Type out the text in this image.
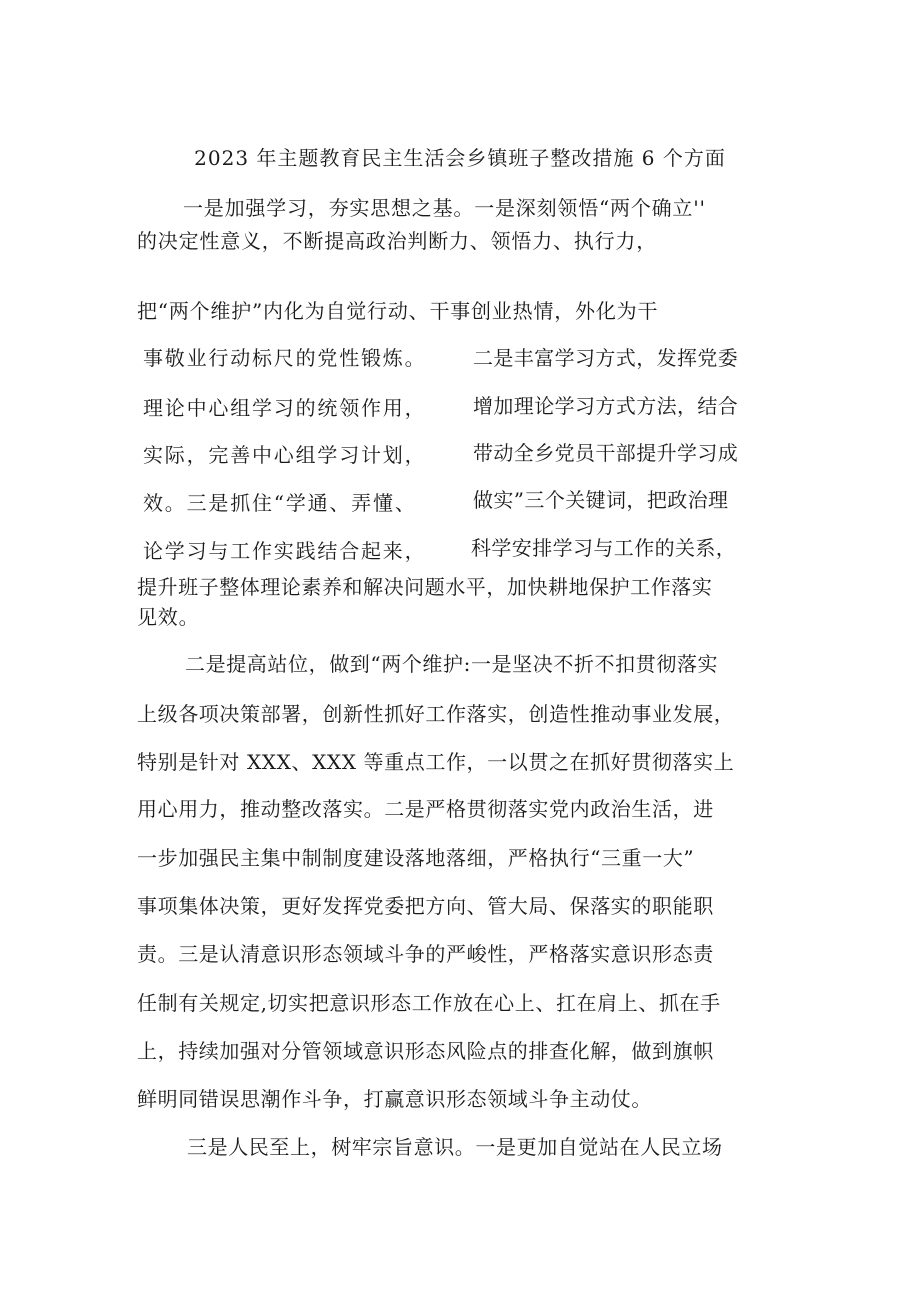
2023 年主题教育民主生活会乡镇班子整改措施 6 个方面
一是加强学习，夯实思想之基。一是深刻领悟“两个确立''
的决定性意义，不断提高政治判断力、领悟力、执行力，
把“两个维护”内化为自觉行动、干事创业热情，外化为干
事敬业行动标尺的党性锻炼。
理论中心组学习的统领作用，
实际，完善中心组学习计划，
效。三是抓住“学通、弄懂、
论学习与工作实践结合起来，
二是丰富学习方式，发挥党委
增加理论学习方式方法，结合
带动全乡党员干部提升学习成
做实”三个关键词，把政治理
科学安排学习与工作的关系，
提升班子整体理论素养和解决问题水平，加快耕地保护工作落实
见效。
二是提高站位，做到“两个维护:一是坚决不折不扣贯彻落实
上级各项决策部署，创新性抓好工作落实，创造性推动事业发展，
特别是针对 XXX、XXX 等重点工作，一以贯之在抓好贯彻落实上
用心用力，推动整改落实。二是严格贯彻落实党内政治生活，进
一步加强民主集中制制度建设落地落细，严格执行“三重一大”
事项集体决策，更好发挥党委把方向、管大局、保落实的职能职
责。三是认清意识形态领域斗争的严峻性，严格落实意识形态责
任制有关规定,切实把意识形态工作放在心上、扛在肩上、抓在手
上，持续加强对分管领域意识形态风险点的排查化解，做到旗帜
鲜明同错误思潮作斗争，打赢意识形态领域斗争主动仗。
三是人民至上，树牢宗旨意识。一是更加自觉站在人民立场
